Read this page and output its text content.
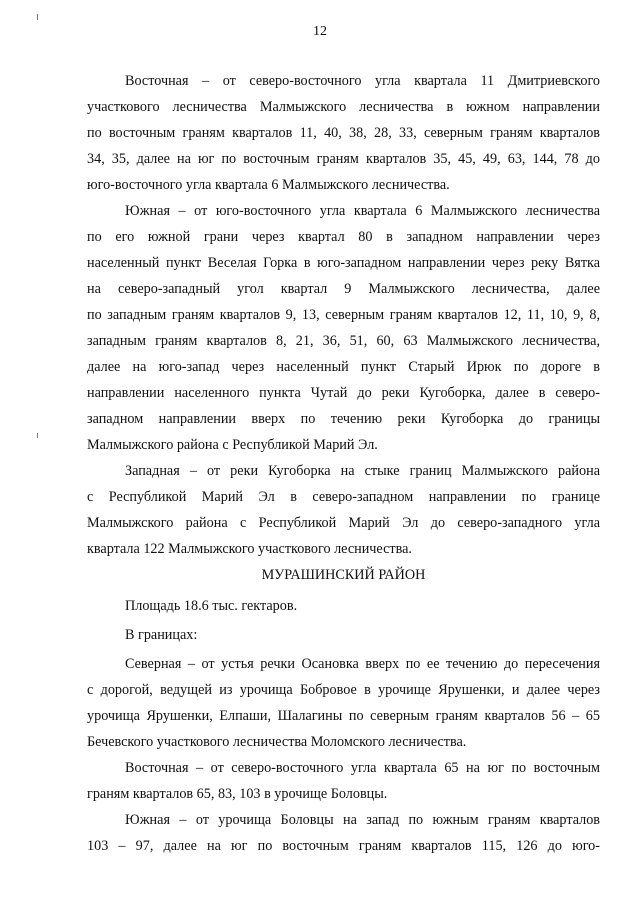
12
Восточная – от северо-восточного угла квартала 11 Дмитриевского
участкового лесничества Малмыжского лесничества в южном направлении
по восточным граням кварталов 11, 40, 38, 28, 33, северным граням кварталов
34, 35, далее на юг по восточным граням кварталов 35, 45, 49, 63, 144, 78 до
юго-восточного угла квартала 6 Малмыжского лесничества.
Южная – от юго-восточного угла квартала 6 Малмыжского лесничества
по его южной грани через квартал 80 в западном направлении через
населенный пункт Веселая Горка в юго-западном направлении через реку Вятка
на северо-западный угол квартал 9 Малмыжского лесничества, далее
по западным граням кварталов 9, 13, северным граням кварталов 12, 11, 10, 9, 8,
западным граням кварталов 8, 21, 36, 51, 60, 63 Малмыжского лесничества,
далее на юго-запад через населенный пункт Старый Ирюк по дороге в
направлении населенного пункта Чутай до реки Кугоборка, далее в северо-
западном направлении вверх по течению реки Кугоборка до границы
Малмыжского района с Республикой Марий Эл.
Западная – от реки Кугоборка на стыке границ Малмыжского района
с Республикой Марий Эл в северо-западном направлении по границе
Малмыжского района с Республикой Марий Эл до северо-западного угла
квартала 122 Малмыжского участкового лесничества.
МУРАШИНСКИЙ РАЙОН
Площадь 18.6 тыс. гектаров.
В границах:
Северная – от устья речки Осановка вверх по ее течению до пересечения
с дорогой, ведущей из урочища Бобровое в урочище Ярушенки, и далее через
урочища Ярушенки, Елпаши, Шалагины по северным граням кварталов 56 – 65
Бечевского участкового лесничества Моломского лесничества.
Восточная – от северо-восточного угла квартала 65 на юг по восточным
граням кварталов 65, 83, 103 в урочище Боловцы.
Южная – от урочища Боловцы на запад по южным граням кварталов
103 – 97, далее на юг по восточным граням кварталов 115, 126 до юго-
